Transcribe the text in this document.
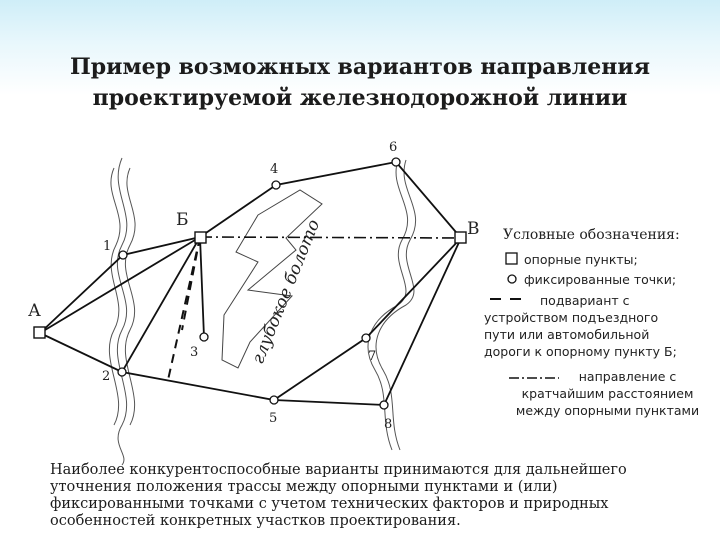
Пример возможных вариантов направления
проектируемой железнодорожной линии
глубокое болото
А
Б	В
1
2
3
4
5
6
7
8
Условные обозначения:
опорные пункты;
фиксированные точки;
подвариант с
устройством подъездного
пути или автомобильной
дороги к опорному пункту Б;
направление с
кратчайшим расстоянием
между опорными пунктами
Наиболее конкурентоспособные варианты принимаются для дальнейшего
уточнения положения трассы между опорными пунктами и (или)
фиксированными точками с учетом технических факторов и природных
особенностей конкретных участков проектирования.
